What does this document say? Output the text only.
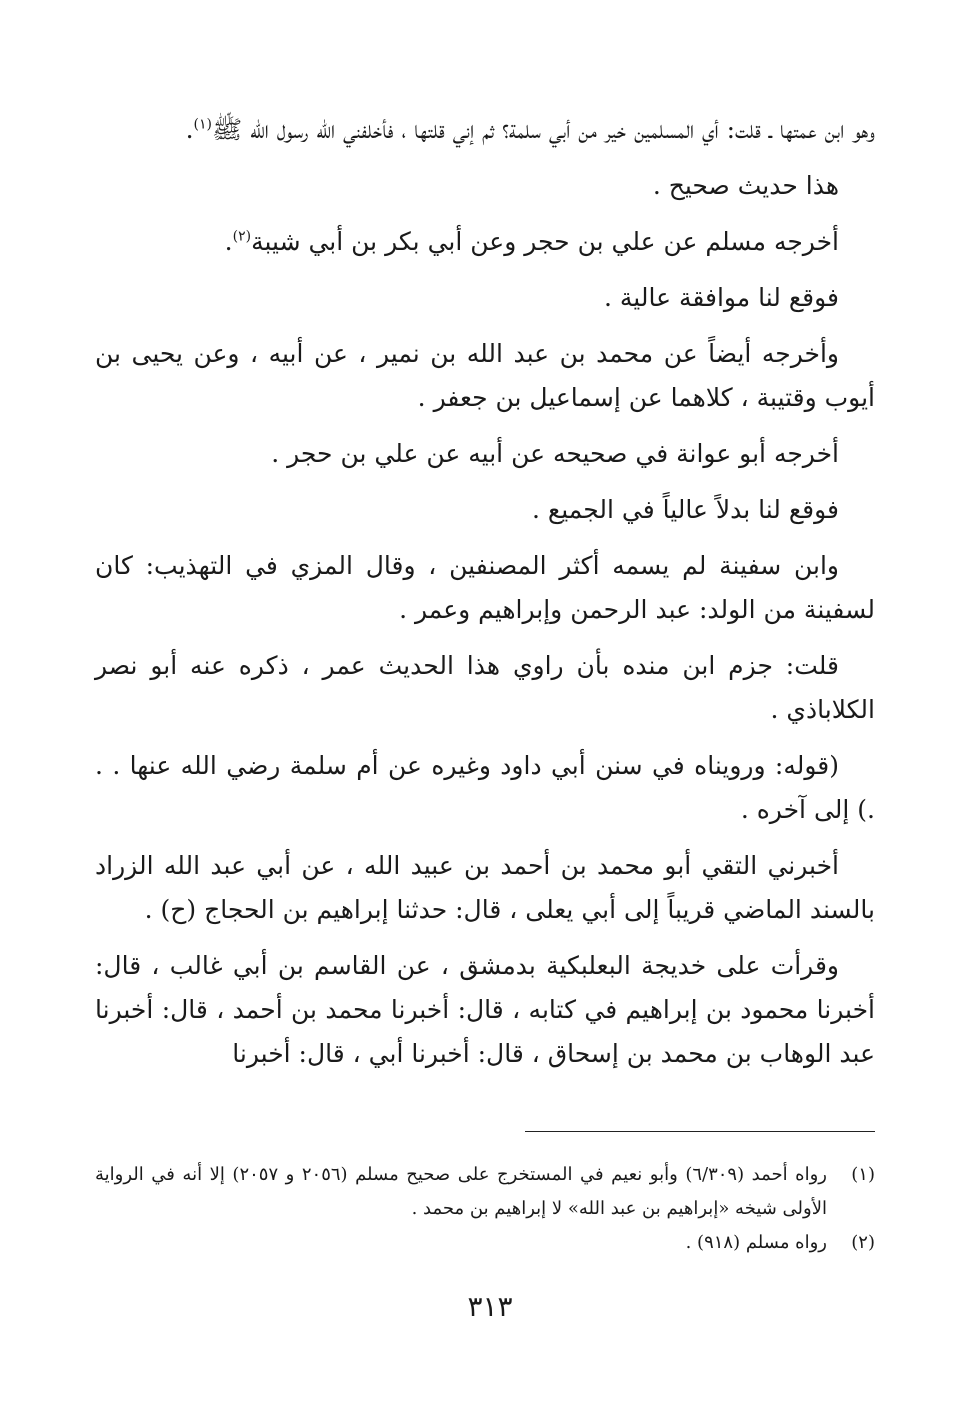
وهو ابن عمتها ـ قلت: أي المسلمين خير من أبي سلمة؟ ثم إني قلتها ، فأخلفني الله رسول الله ﷺ$^{(١)}$.

هذا حديث صحيح .

أخرجه مسلم عن علي بن حجر وعن أبي بكر بن أبي شيبة$^{(٢)}$.

فوقع لنا موافقة عالية .

وأخرجه أيضاً عن محمد بن عبد الله بن نمير ، عن أبيه ، وعن يحيى بن أيوب وقتيبة ، كلاهما عن إسماعيل بن جعفر .

أخرجه أبو عوانة في صحيحه عن أبيه عن علي بن حجر .

فوقع لنا بدلاً عالياً في الجميع .

وابن سفينة لم يسمه أكثر المصنفين ، وقال المزي في التهذيب: كان لسفينة من الولد: عبد الرحمن وإبراهيم وعمر .

قلت: جزم ابن منده بأن راوي هذا الحديث عمر ، ذكره عنه أبو نصر الكلاباذي .

(قوله: ورويناه في سنن أبي داود وغيره عن أم سلمة رضي الله عنها . . .) إلى آخره .

أخبرني التقي أبو محمد بن أحمد بن عبيد الله ، عن أبي عبد الله الزراد بالسند الماضي قريباً إلى أبي يعلى ، قال: حدثنا إبراهيم بن الحجاج (ح) .

وقرأت على خديجة البعلبكية بدمشق ، عن القاسم بن أبي غالب ، قال: أخبرنا محمود بن إبراهيم في كتابه ، قال: أخبرنا محمد بن أحمد ، قال: أخبرنا عبد الوهاب بن محمد بن إسحاق ، قال: أخبرنا أبي ، قال: أخبرنا

(١)
رواه أحمد (٦/٣٠٩) وأبو نعيم في المستخرج على صحيح مسلم (٢٠٥٦ و ٢٠٥٧) إلا أنه في الرواية الأولى شيخه «إبراهيم بن عبد الله» لا إبراهيم بن محمد .

(٢)
رواه مسلم (٩١٨) .

٣١٣
